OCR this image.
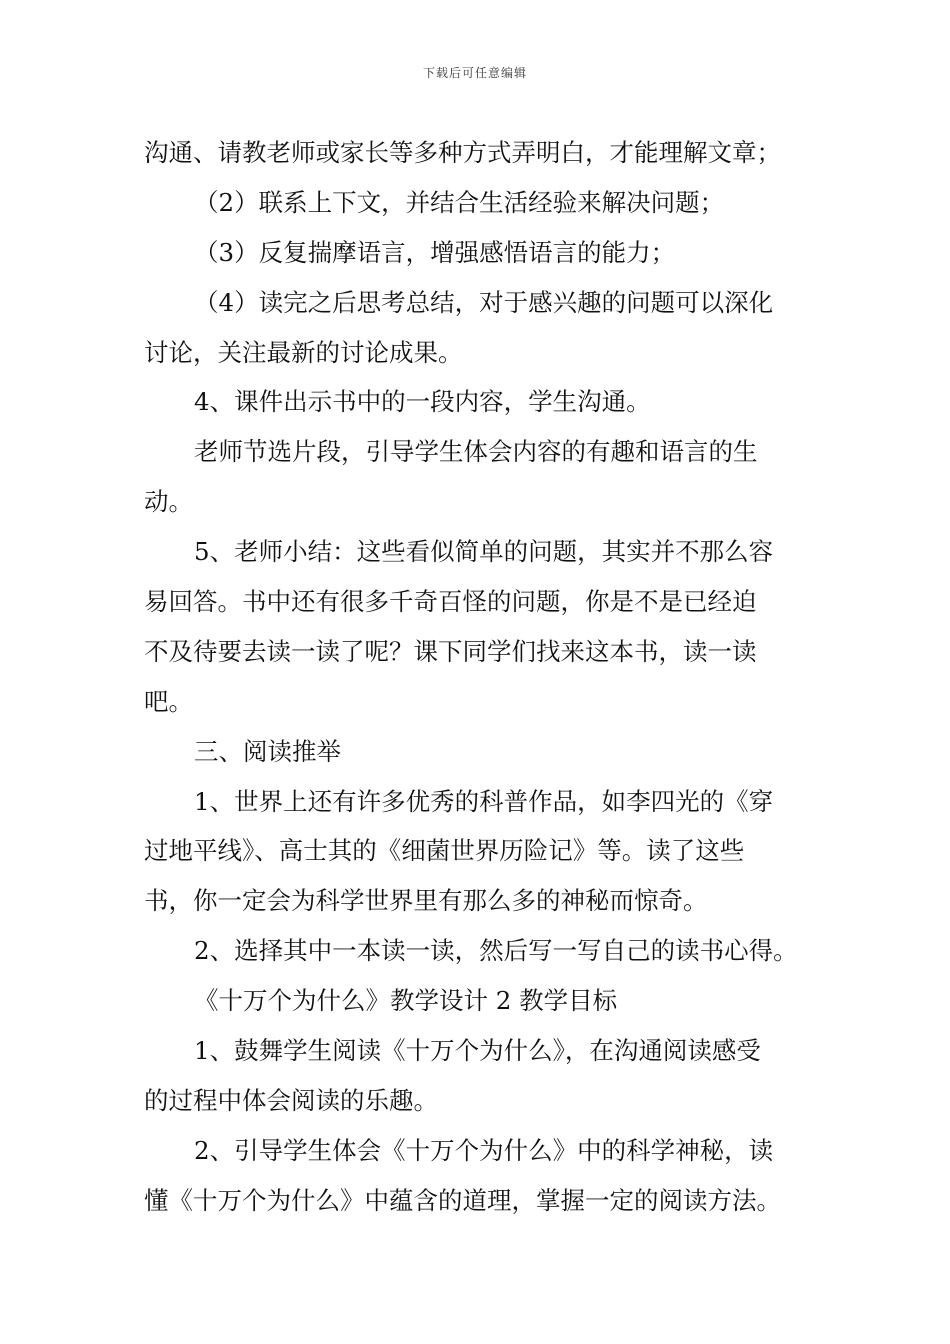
下载后可任意编辑
沟通、请教老师或家长等多种方式弄明白，才能理解文章；
（2）联系上下文，并结合生活经验来解决问题；
（3）反复揣摩语言，增强感悟语言的能力；
（4）读完之后思考总结，对于感兴趣的问题可以深化
讨论，关注最新的讨论成果。
4、课件出示书中的一段内容，学生沟通。
老师节选片段，引导学生体会内容的有趣和语言的生
动。
5、老师小结：这些看似简单的问题，其实并不那么容
易回答。书中还有很多千奇百怪的问题，你是不是已经迫
不及待要去读一读了呢？课下同学们找来这本书，读一读
吧。
三、阅读推举
1、世界上还有许多优秀的科普作品，如李四光的《穿
过地平线》、高士其的《细菌世界历险记》等。读了这些
书，你一定会为科学世界里有那么多的神秘而惊奇。
2、选择其中一本读一读，然后写一写自己的读书心得。
《十万个为什么》教学设计 2 教学目标
1、鼓舞学生阅读《十万个为什么》，在沟通阅读感受
的过程中体会阅读的乐趣。
2、引导学生体会《十万个为什么》中的科学神秘，读
懂《十万个为什么》中蕴含的道理，掌握一定的阅读方法。
